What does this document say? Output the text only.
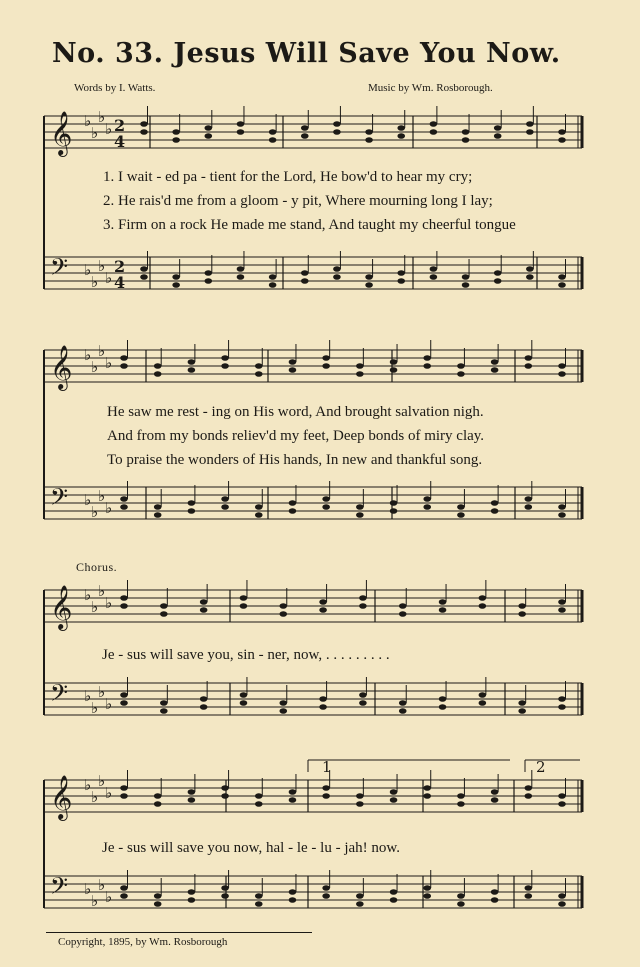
No. 33. Jesus Will Save You Now.
Words by I. Watts.	Music by Wm. Rosborough.
𝄞 ♭
♭
♭
♭ 2
4
𝄢 ♭
♭
♭
♭
2
4
𝄞 ♭
♭
♭
♭
𝄢 ♭
♭
♭
♭
𝄞 ♭
♭
♭
♭
𝄢 ♭
♭
♭
♭
𝄞 ♭
♭
♭
♭
𝄢 ♭
♭
♭
♭
1	2
1. I wait - ed pa - tient for the Lord, He bow'd to hear my cry;
2. He rais'd me from a gloom - y pit, Where mourning long I lay;
3. Firm on a rock He made me stand, And taught my cheerful tongue
He saw me rest - ing on His word, And brought salvation nigh.
And from my bonds reliev'd my feet, Deep bonds of miry clay.
To praise the wonders of His hands, In new and thankful song.
Chorus.
Je - sus will save you, sin - ner, now, . . . . . . . . .
Je - sus will save you now, hal - le - lu - jah! now.
Copyright, 1895, by Wm. Rosborough
